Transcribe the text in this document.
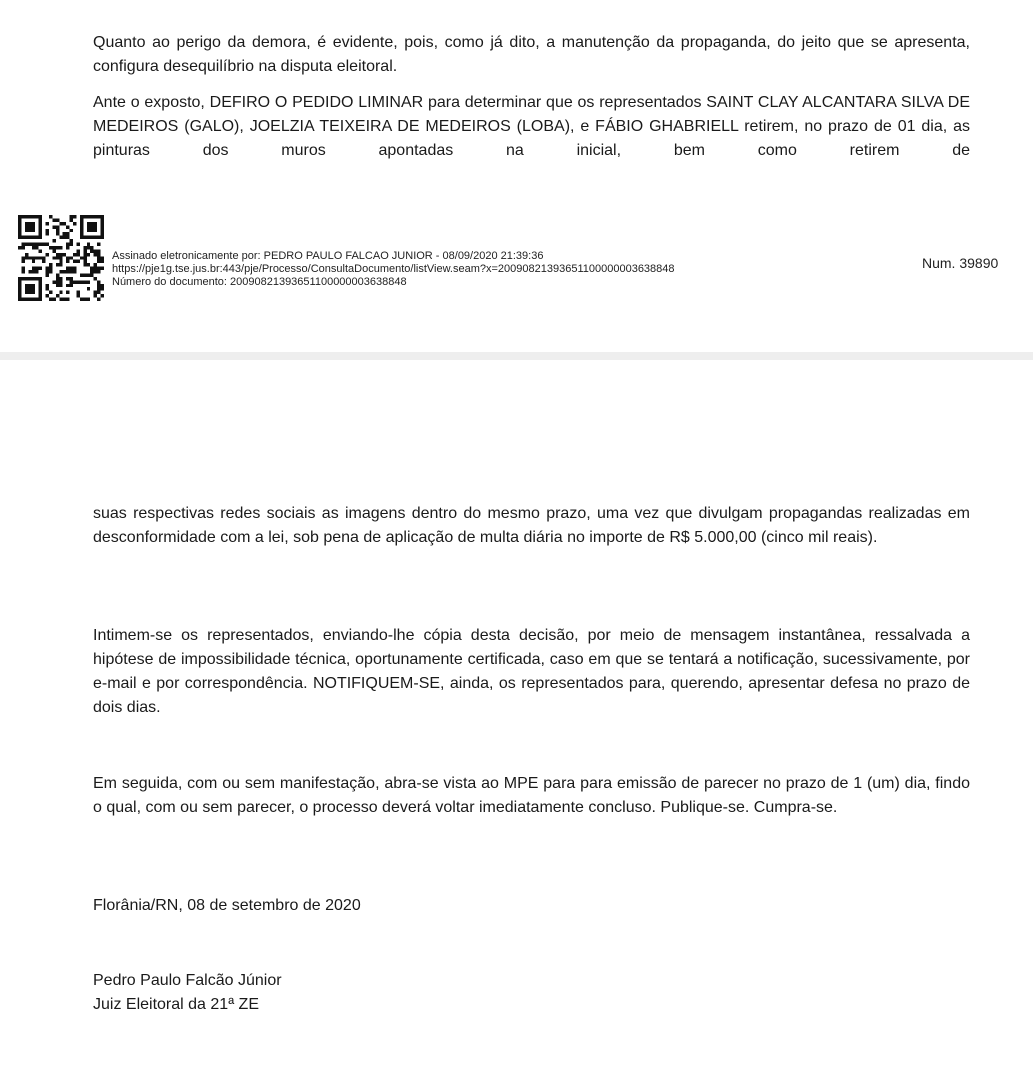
Quanto ao perigo da demora, é evidente, pois, como já dito, a manutenção da propaganda, do jeito que se apresenta, configura desequilíbrio na disputa eleitoral.

Ante o exposto, DEFIRO O PEDIDO LIMINAR para determinar que os representados SAINT CLAY ALCANTARA SILVA DE MEDEIROS (GALO), JOELZIA TEIXEIRA DE MEDEIROS (LOBA), e FÁBIO GHABRIELL retirem, no prazo de 01 dia, as pinturas dos muros apontadas na inicial, bem como retirem de

Assinado eletronicamente por: PEDRO PAULO FALCAO JUNIOR - 08/09/2020 21:39:36
https://pje1g.tse.jus.br:443/pje/Processo/ConsultaDocumento/listView.seam?x=20090821393651100000003638848
Número do documento: 20090821393651100000003638848
Num. 39890

suas respectivas redes sociais as imagens dentro do mesmo prazo, uma vez que divulgam propagandas realizadas em desconformidade com a lei, sob pena de aplicação de multa diária no importe de R$ 5.000,00 (cinco mil reais).

Intimem-se os representados, enviando-lhe cópia desta decisão, por meio de mensagem instantânea, ressalvada a hipótese de impossibilidade técnica, oportunamente certificada, caso em que se tentará a notificação, sucessivamente, por e-mail e por correspondência. NOTIFIQUEM-SE, ainda, os representados para, querendo, apresentar defesa no prazo de dois dias.

Em seguida, com ou sem manifestação, abra-se vista ao MPE para para emissão de parecer no prazo de 1 (um) dia, findo o qual, com ou sem parecer, o processo deverá voltar imediatamente concluso. Publique-se. Cumpra-se.

Florânia/RN, 08 de setembro de 2020

Pedro Paulo Falcão Júnior

Juiz Eleitoral da 21ª ZE
